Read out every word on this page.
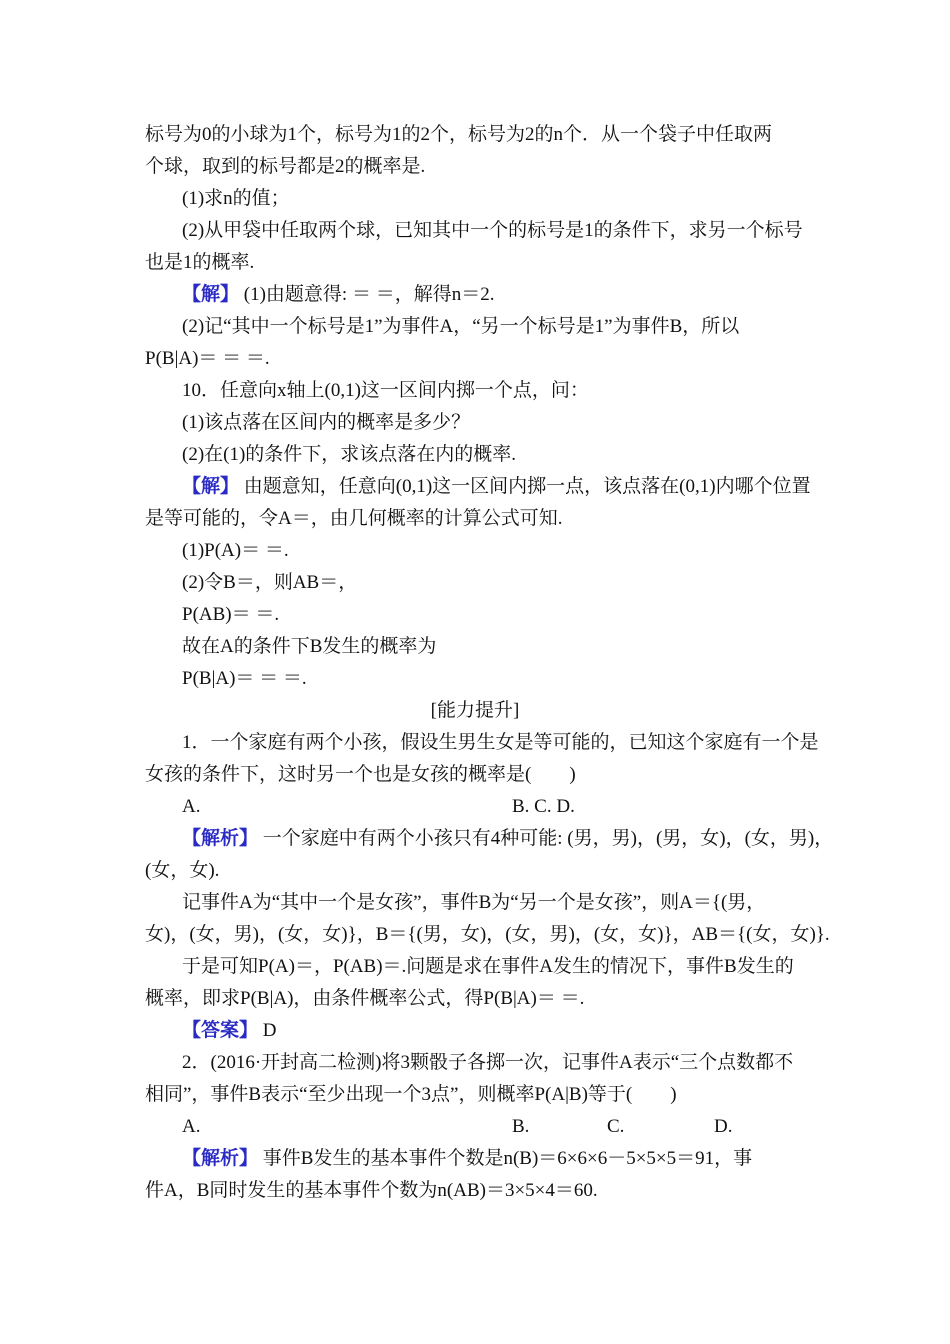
标号为0的小球为1个，标号为1的2个，标号为2的n个．从一个袋子中任取两
个球，取到的标号都是2的概率是.
(1)求n的值；
(2)从甲袋中任取两个球，已知其中一个的标号是1的条件下，求另一个标号
也是1的概率.
【解】 (1)由题意得: ＝ ＝，解得n＝2.
(2)记“其中一个标号是1”为事件A，“另一个标号是1”为事件B，所以
P(B|A)＝ ＝ ＝.
10．任意向x轴上(0,1)这一区间内掷一个点，问：
(1)该点落在区间内的概率是多少？
(2)在(1)的条件下，求该点落在内的概率.
【解】 由题意知，任意向(0,1)这一区间内掷一点，该点落在(0,1)内哪个位置
是等可能的，令A＝，由几何概率的计算公式可知.
(1)P(A)＝ ＝.
(2)令B＝，则AB＝，
P(AB)＝ ＝.
故在A的条件下B发生的概率为
P(B|A)＝ ＝ ＝.
[能力提升]
1．一个家庭有两个小孩，假设生男生女是等可能的，已知这个家庭有一个是
女孩的条件下，这时另一个也是女孩的概率是(　　)
A.	B. C. D.
【解析】 一个家庭中有两个小孩只有4种可能: (男，男)，(男，女)，(女，男)，
(女，女).
记事件A为“其中一个是女孩”，事件B为“另一个是女孩”，则A＝{(男，
女)，(女，男)，(女，女)}，B＝{(男，女)，(女，男)，(女，女)}，AB＝{(女，女)}.
于是可知P(A)＝，P(AB)＝.问题是求在事件A发生的情况下，事件B发生的
概率，即求P(B|A)，由条件概率公式，得P(B|A)＝ ＝.
【答案】 D
2．(2016·开封高二检测)将3颗骰子各掷一次，记事件A表示“三个点数都不
相同”，事件B表示“至少出现一个3点”，则概率P(A|B)等于(　　)
A.	B.	C.	D.
【解析】 事件B发生的基本事件个数是n(B)＝6×6×6－5×5×5＝91，事
件A，B同时发生的基本事件个数为n(AB)＝3×5×4＝60.
